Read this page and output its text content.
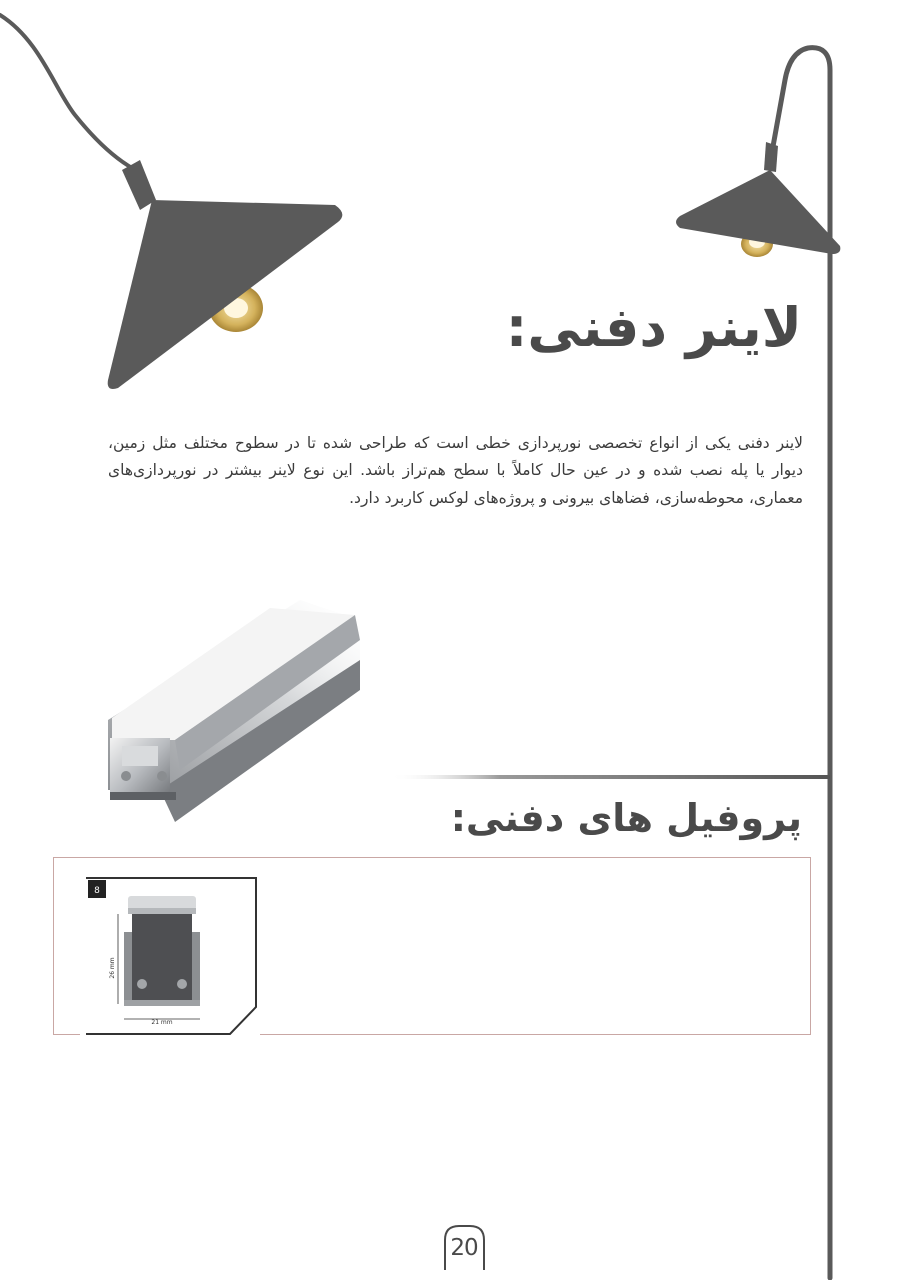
لاینر دفنی:

لاینر دفنی یکی از انواع تخصصی نورپردازی خطی است که طراحی شده تا در سطوح مختلف مثل زمین، دیوار یا پله نصب شده و در عین حال کاملاً با سطح هم‌تراز باشد. این نوع لاینر بیشتر در نورپردازی‌های معماری، محوطه‌سازی، فضاهای بیرونی و پروژه‌های لوکس کاربرد دارد.

پروفیل های دفنی:
8
26 mm
21 mm
20
